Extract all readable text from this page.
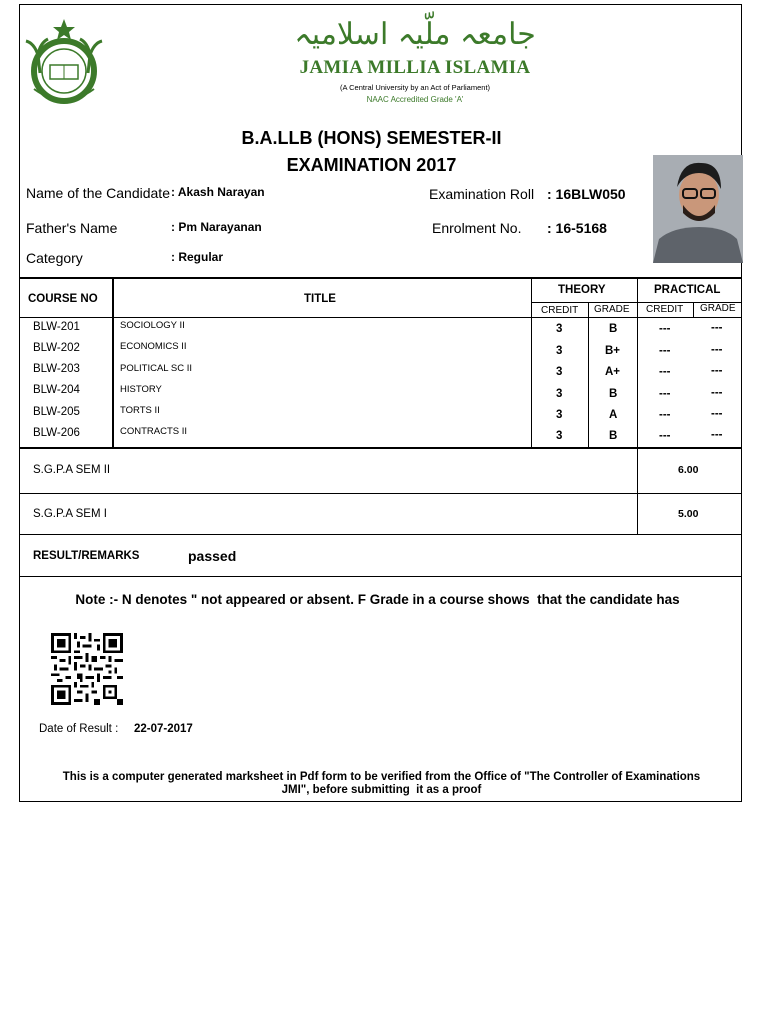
جامعہ ملّیہ اسلامیہ
JAMIA MILLIA ISLAMIA
(A Central University by an Act of Parliament)
NAAC Accredited Grade 'A'
B.A.LLB (HONS) SEMESTER-II
EXAMINATION 2017
Name of the Candidate : Akash Narayan	Examination Roll : 16BLW050
Father's Name	: Pm Narayanan	Enrolment No. : 16-5168
Category	: Regular
COURSE NO	TITLE
THEORY	PRACTICAL
CREDIT GRADE CREDIT GRADE
BLW-201	SOCIOLOGY II	3	B	---	---
BLW-202	ECONOMICS II	3	B+	---	---
BLW-203	POLITICAL SC II	3	A+	---	---
BLW-204	HISTORY	3	B	---	---
BLW-205	TORTS II	3	A	---	---
BLW-206	CONTRACTS II	3	B	---	---
S.G.P.A SEM II	6.00
S.G.P.A SEM I	5.00
RESULT/REMARKS	passed
Note :- N denotes " not appeared or absent. F Grade in a course shows  that the candidate has
Date of Result : 22-07-2017
This is a computer generated marksheet in Pdf form to be verified from the Office of "The Controller of Examinations
JMI", before submitting  it as a proof
